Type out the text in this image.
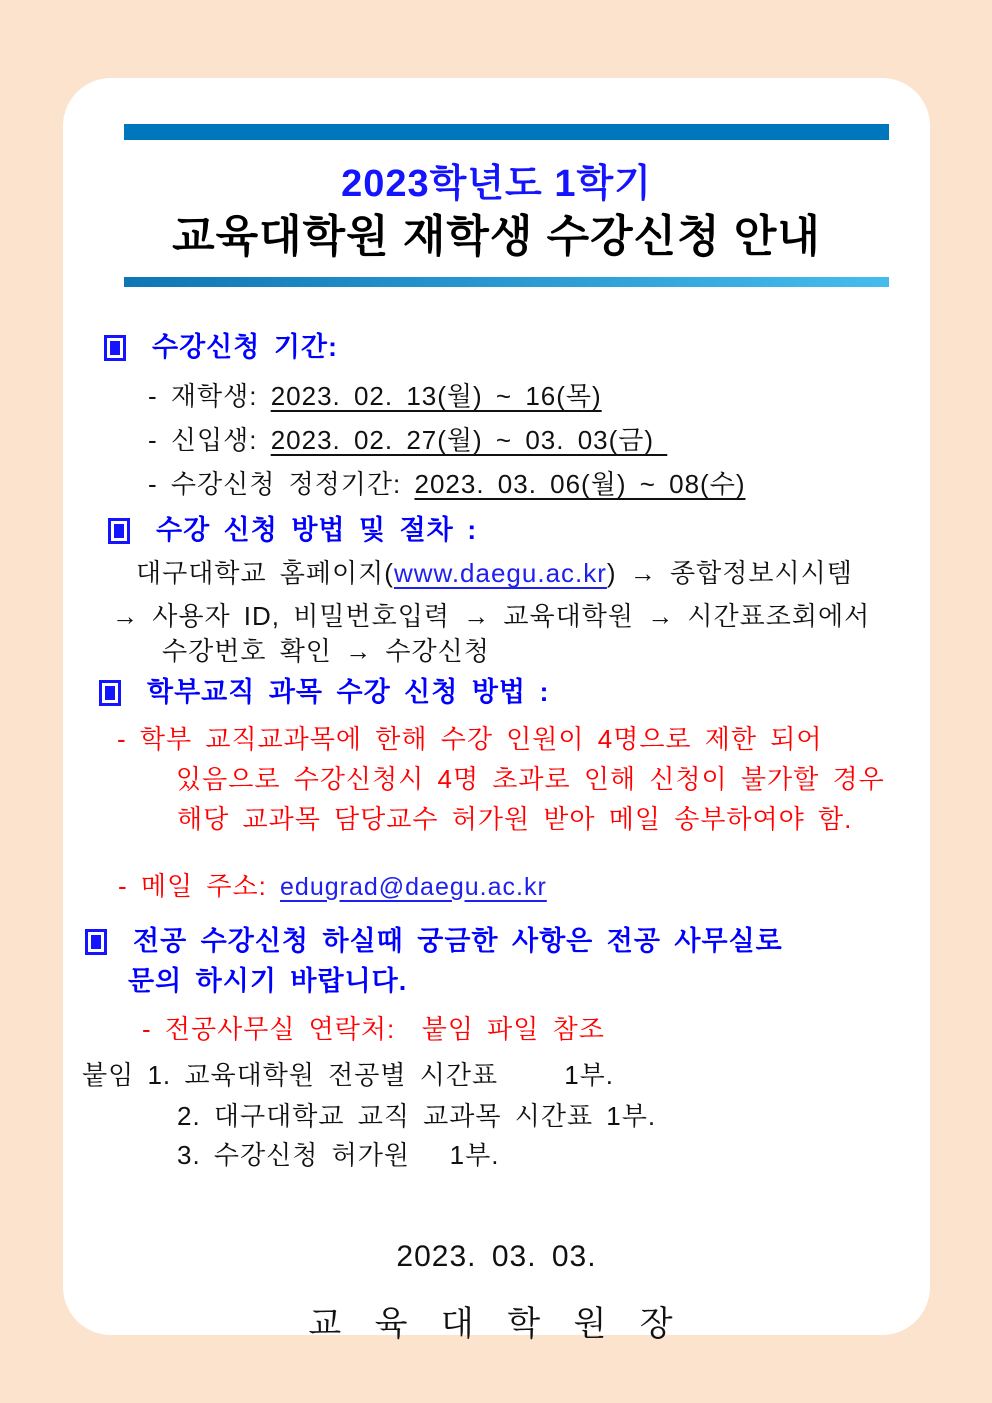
2023학년도 1학기
교육대학원 재학생 수강신청 안내
수강신청 기간:
- 재학생: 2023. 02. 13(월) ~ 16(목)
- 신입생: 2023. 02. 27(월) ~ 03. 03(금)
- 수강신청 정정기간: 2023. 03. 06(월) ~ 08(수)
수강 신청 방법 및 절차 :
대구대학교 홈페이지( www.daegu.ac.kr ) → 종합정보시시템
→ 사용자 ID, 비밀번호입력 → 교육대학원 → 시간표조회에서
수강번호 확인 → 수강신청
학부교직 과목 수강 신청 방법 :
- 학부 교직교과목에 한해 수강 인원이 4명으로 제한 되어
있음으로 수강신청시 4명 초과로 인해 신청이 불가할 경우
해당 교과목 담당교수 허가원 받아 메일 송부하여야 함.
- 메일 주소: edugrad@daegu.ac.kr
전공 수강신청 하실때 궁금한 사항은 전공 사무실로
문의 하시기 바랍니다.
- 전공사무실 연락처:  붙임 파일 참조
붙임 1. 교육대학원 전공별 시간표     1부.
2. 대구대학교 교직 교과목 시간표 1부.
3. 수강신청 허가원   1부.
2023. 03. 03.
교 육 대 학 원 장
